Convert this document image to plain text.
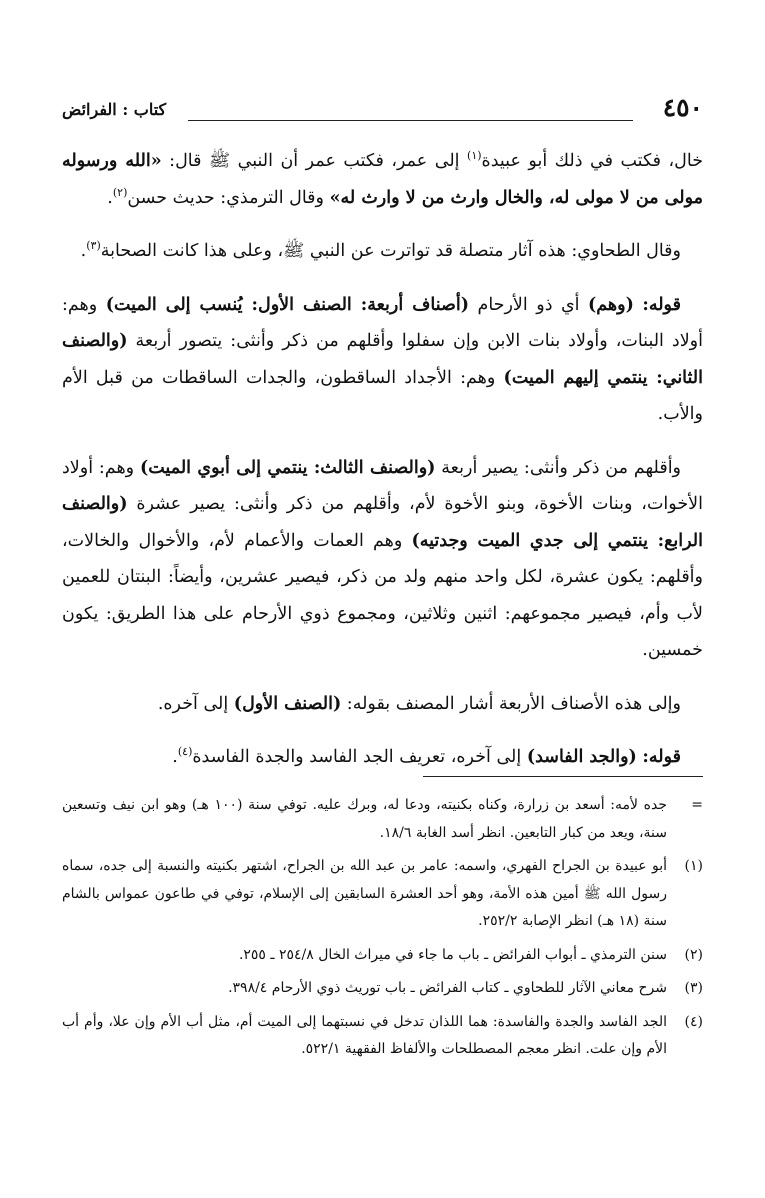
٤٥٠
كتاب : الفرائض

خال، فكتب في ذلك أبو عبيدة$^{(١)}$ إلى عمر، فكتب عمر أن النبي ﷺ قال: «الله ورسوله مولى من لا مولى له، والخال وارث من لا وارث له» وقال الترمذي: حديث حسن$^{(٢)}$.

وقال الطحاوي: هذه آثار متصلة قد تواترت عن النبي ﷺ، وعلى هذا كانت الصحابة$^{(٣)}$.

قوله: (وهم) أي ذو الأرحام (أصناف أربعة: الصنف الأول: يُنسب إلى الميت) وهم: أولاد البنات، وأولاد بنات الابن وإن سفلوا وأقلهم من ذكر وأنثى: يتصور أربعة (والصنف الثاني: ينتمي إليهم الميت) وهم: الأجداد الساقطون، والجدات الساقطات من قبل الأم والأب.

وأقلهم من ذكر وأنثى: يصير أربعة (والصنف الثالث: ينتمي إلى أبوي الميت) وهم: أولاد الأخوات، وبنات الأخوة، وبنو الأخوة لأم، وأقلهم من ذكر وأنثى: يصير عشرة (والصنف الرابع: ينتمي إلى جدي الميت وجدتيه) وهم العمات والأعمام لأم، والأخوال والخالات، وأقلهم: يكون عشرة، لكل واحد منهم ولد من ذكر، فيصير عشرين، وأيضاً: البنتان للعمين لأب وأم، فيصير مجموعهم: اثنين وثلاثين، ومجموع ذوي الأرحام على هذا الطريق: يكون خمسين.

وإلى هذه الأصناف الأربعة أشار المصنف بقوله: (الصنف الأول) إلى آخره.

قوله: (والجد الفاسد) إلى آخره، تعريف الجد الفاسد والجدة الفاسدة$^{(٤)}$.

=
جده لأمه: أسعد بن زرارة، وكناه بكنيته، ودعا له، وبرك عليه. توفي سنة (١٠٠ هـ) وهو ابن نيف وتسعين سنة، ويعد من كبار التابعين. انظر أسد الغابة ١٨/٦.
(١)
أبو عبيدة بن الجراح الفهري، واسمه: عامر بن عبد الله بن الجراح، اشتهر بكنيته والنسبة إلى جده، سماه رسول الله ﷺ أمين هذه الأمة، وهو أحد العشرة السابقين إلى الإسلام، توفي في طاعون عمواس بالشام سنة (١٨ هـ) انظر الإصابة ٢٥٢/٢.
(٢)
سنن الترمذي ـ أبواب الفرائض ـ باب ما جاء في ميراث الخال ٢٥٤/٨ ـ ٢٥٥.
(٣)
شرح معاني الآثار للطحاوي ـ كتاب الفرائض ـ باب توريث ذوي الأرحام ٣٩٨/٤.
(٤)
الجد الفاسد والجدة والفاسدة: هما اللذان تدخل في نسبتهما إلى الميت أم، مثل أب الأم وإن علا، وأم أب الأم وإن علت. انظر معجم المصطلحات والألفاظ الفقهية ٥٢٢/١.
